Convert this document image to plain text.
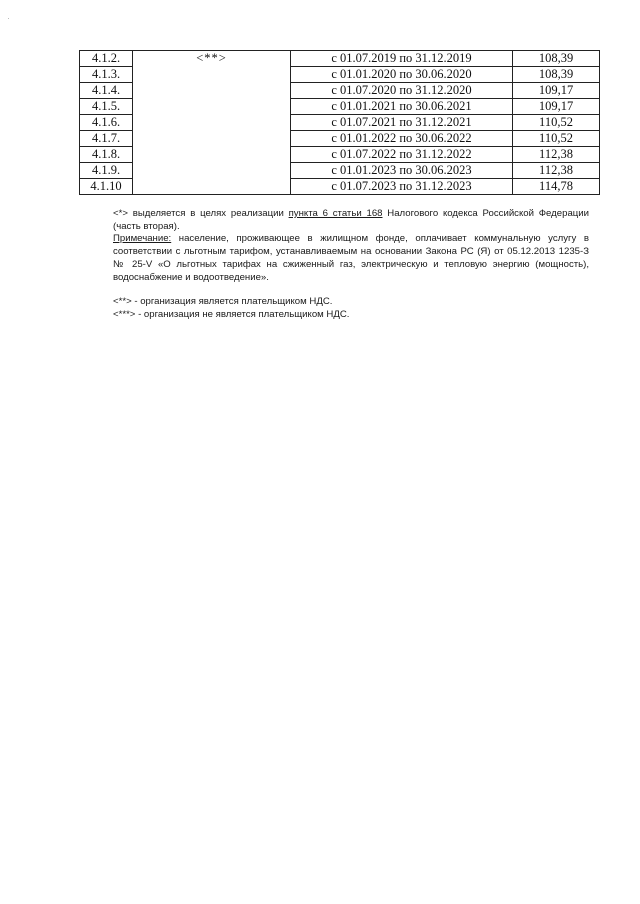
4.1.2.	<**>	с 01.07.2019 по 31.12.2019	108,39
4.1.3.		с 01.01.2020 по 30.06.2020	108,39
4.1.4.		с 01.07.2020 по 31.12.2020	109,17
4.1.5.		с 01.01.2021 по 30.06.2021	109,17
4.1.6.		с 01.07.2021 по 31.12.2021	110,52
4.1.7.		с 01.01.2022 по 30.06.2022	110,52
4.1.8.		с 01.07.2022 по 31.12.2022	112,38
4.1.9.		с 01.01.2023 по 30.06.2023	112,38
4.1.10		с 01.07.2023 по 31.12.2023	114,78

<*> выделяется в целях реализации пункта 6 статьи 168 Налогового кодекса Российской Федерации (часть вторая).

Примечание: население, проживающее в жилищном фонде, оплачивает коммунальную услугу в соответствии с льготным тарифом, устанавливаемым на основании Закона РС (Я) от 05.12.2013 1235-З № 25-V «О льготных тарифах на сжиженный газ, электрическую и тепловую энергию (мощность), водоснабжение и водоотведение».

<**> - организация является плательщиком НДС.

<***> - организация не является плательщиком НДС.
